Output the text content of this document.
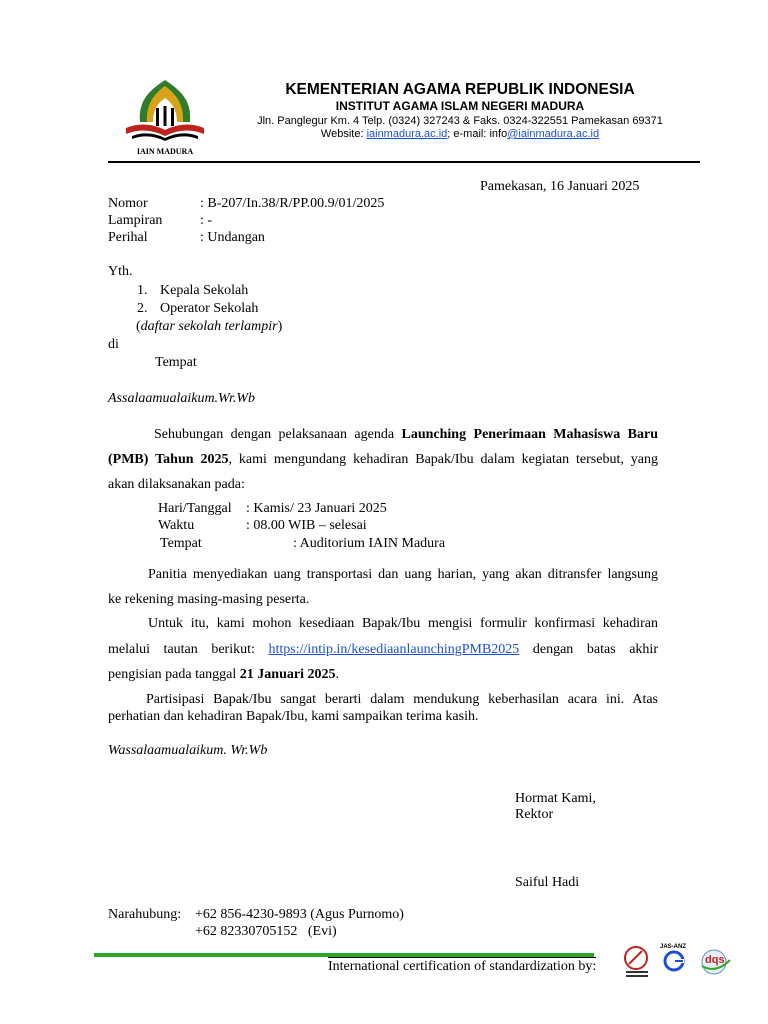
IAIN MADURA
KEMENTERIAN AGAMA REPUBLIK INDONESIA
INSTITUT AGAMA ISLAM NEGERI MADURA
Jln. Panglegur Km. 4 Telp. (0324) 327243 & Faks. 0324-322551 Pamekasan 69371
Website: iainmadura.ac.id; e-mail: info@iainmadura.ac.id
Pamekasan, 16 Januari 2025
Nomor	: B-207/In.38/R/PP.00.9/01/2025
Lampiran	: -
Perihal	: Undangan
Yth.
1. Kepala Sekolah
2. Operator Sekolah
(daftar sekolah terlampir)
di
Tempat
Assalaamualaikum.Wr.Wb
Sehubungan dengan pelaksanaan agenda Launching Penerimaan Mahasiswa Baru
(PMB) Tahun 2025, kami mengundang kehadiran Bapak/Ibu dalam kegiatan tersebut, yang
akan dilaksanakan pada:
Hari/Tanggal : Kamis/ 23 Januari 2025
Waktu	: 08.00 WIB – selesai
Tempat	: Auditorium IAIN Madura
Panitia menyediakan uang transportasi dan uang harian, yang akan ditransfer langsung
ke rekening masing-masing peserta.
Untuk itu, kami mohon kesediaan Bapak/Ibu mengisi formulir konfirmasi kehadiran
melalui tautan berikut: https://intip.in/kesediaanlaunchingPMB2025 dengan batas akhir
pengisian pada tanggal 21 Januari 2025.
Partisipasi Bapak/Ibu sangat berarti dalam mendukung keberhasilan acara ini. Atas
perhatian dan kehadiran Bapak/Ibu, kami sampaikan terima kasih.
Wassalaamualaikum. Wr.Wb
Hormat Kami,
Rektor
Saiful Hadi
Narahubung: +62 856-4230-9893 (Agus Purnomo)
+62 82330705152   (Evi)
International certification of standardization by:
JAS-ANZ
dqs
